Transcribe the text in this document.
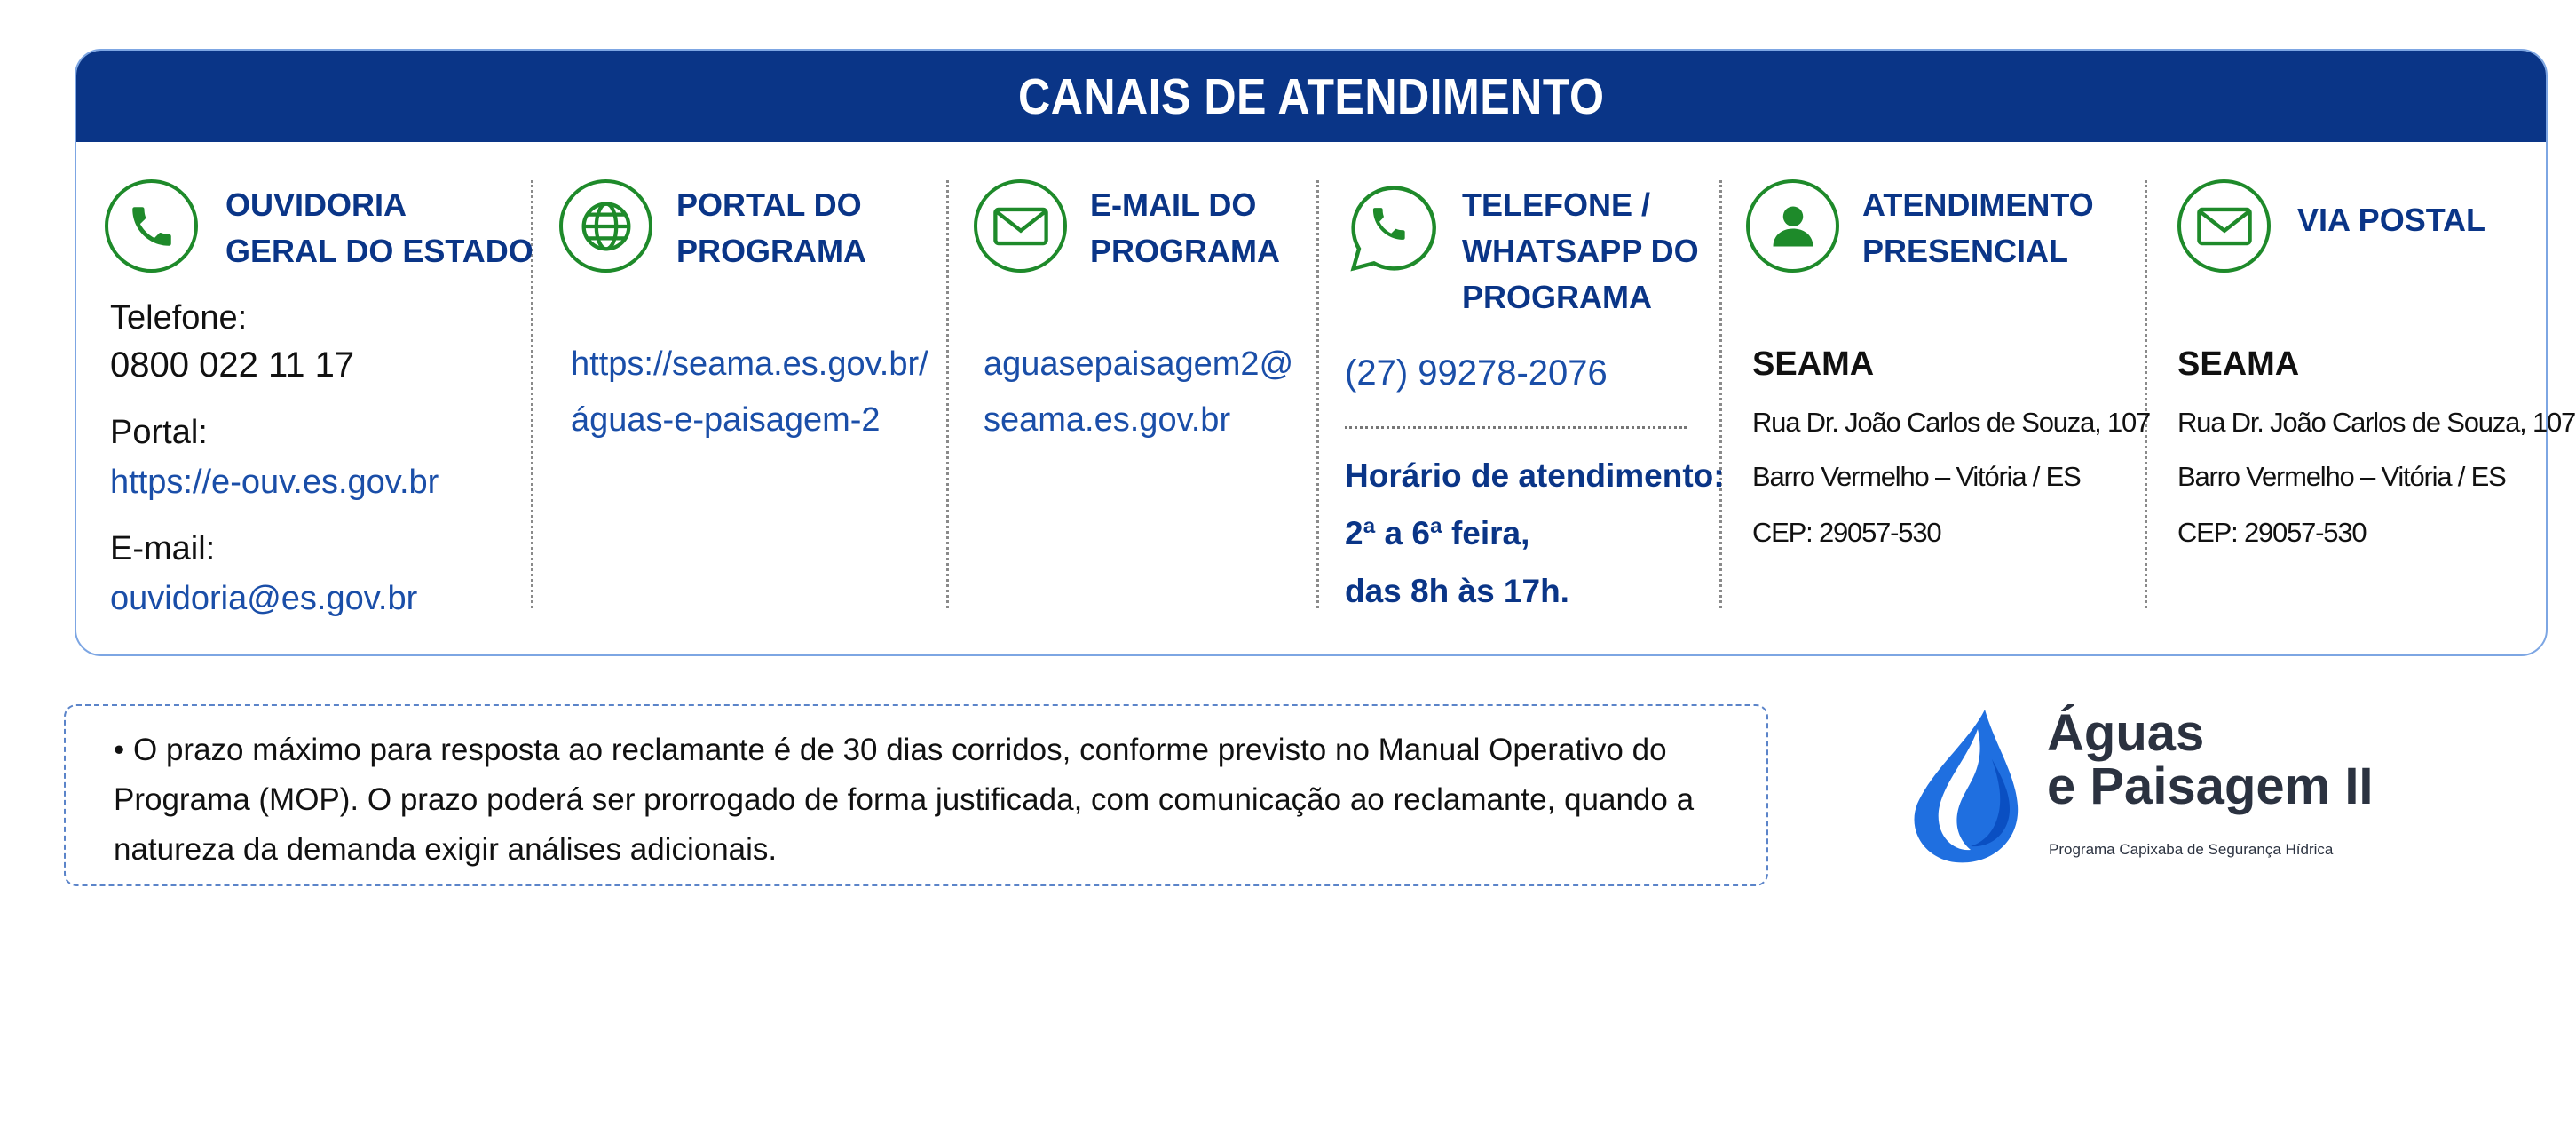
CANAIS DE ATENDIMENTO
OUVIDORIA
GERAL DO ESTADO
Telefone:
0800 022 11 17
Portal:
https://e-ouv.es.gov.br
E-mail:
ouvidoria@es.gov.br
PORTAL DO
PROGRAMA
https://seama.es.gov.br/
águas-e-paisagem-2
E-MAIL DO
PROGRAMA
aguasepaisagem2@
seama.es.gov.br
TELEFONE /
WHATSAPP DO
PROGRAMA
(27) 99278-2076
Horário de atendimento:
2ª a 6ª feira,
das 8h às 17h.
ATENDIMENTO
PRESENCIAL
SEAMA
Rua Dr. João Carlos de Souza, 107
Barro Vermelho – Vitória / ES
CEP: 29057-530
VIA POSTAL
SEAMA
Rua Dr. João Carlos de Souza, 107
Barro Vermelho – Vitória / ES
CEP: 29057-530
• O prazo máximo para resposta ao reclamante é de 30 dias corridos, conforme previsto no Manual Operativo do Programa (MOP). O prazo poderá ser prorrogado de forma justificada, com comunicação ao reclamante, quando a natureza da demanda exigir análises adicionais.
Águas
e Paisagem II
Programa Capixaba de Segurança Hídrica
